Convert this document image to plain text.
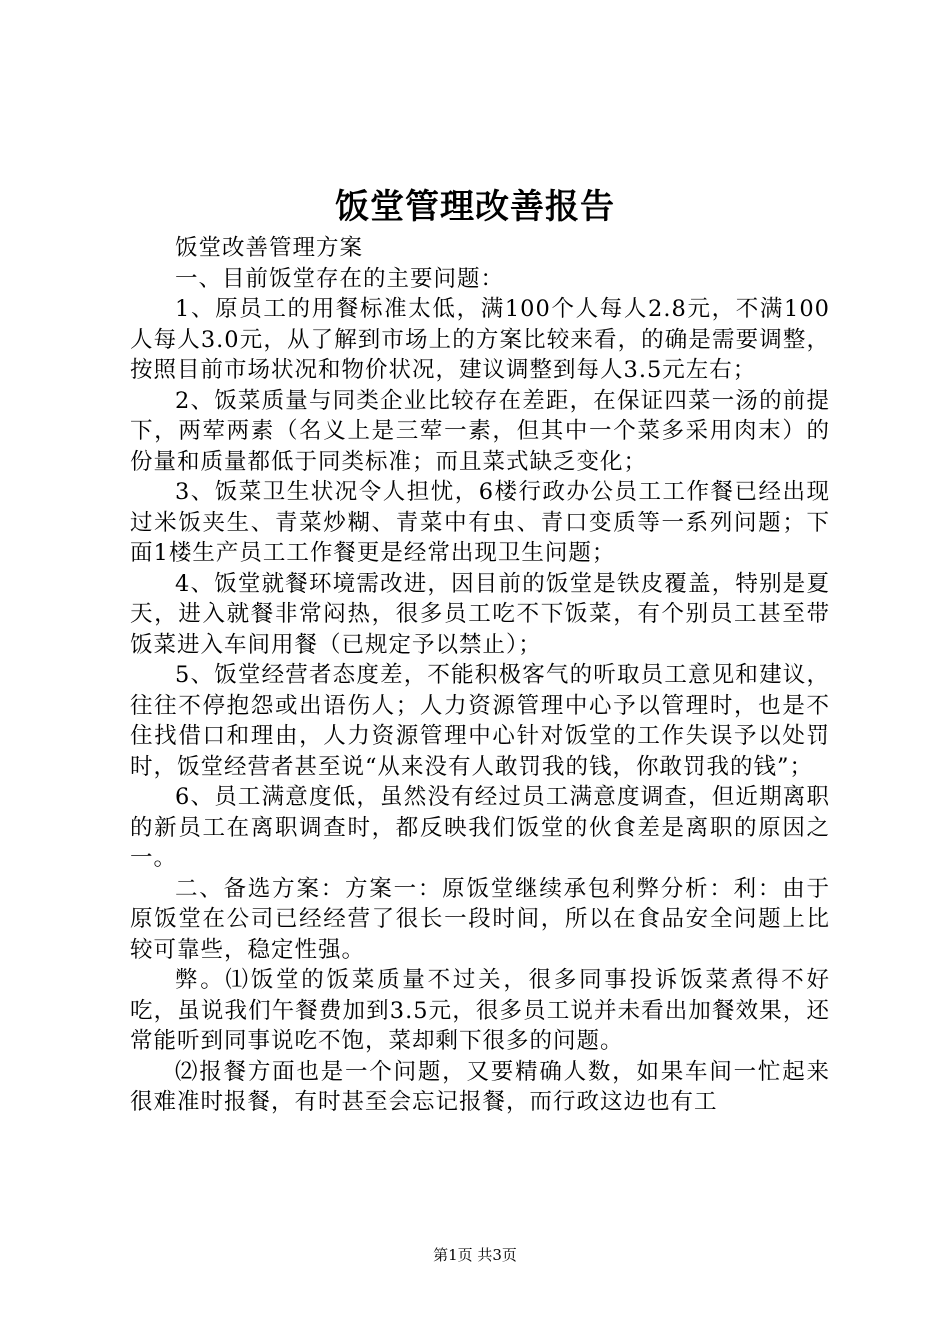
饭堂管理改善报告

饭堂改善管理方案

一、目前饭堂存在的主要问题：

1、原员工的用餐标准太低，满100个人每人2.8元，不满100人每人3.0元，从了解到市场上的方案比较来看，的确是需要调整，按照目前市场状况和物价状况，建议调整到每人3.5元左右；

2、饭菜质量与同类企业比较存在差距，在保证四菜一汤的前提下，两荤两素（名义上是三荤一素，但其中一个菜多采用肉末）的份量和质量都低于同类标准；而且菜式缺乏变化；

3、饭菜卫生状况令人担忧，6楼行政办公员工工作餐已经出现过米饭夹生、青菜炒糊、青菜中有虫、青口变质等一系列问题；下面1楼生产员工工作餐更是经常出现卫生问题；

4、饭堂就餐环境需改进，因目前的饭堂是铁皮覆盖，特别是夏天，进入就餐非常闷热，很多员工吃不下饭菜，有个别员工甚至带饭菜进入车间用餐（已规定予以禁止）；

5、饭堂经营者态度差，不能积极客气的听取员工意见和建议，往往不停抱怨或出语伤人；人力资源管理中心予以管理时，也是不住找借口和理由，人力资源管理中心针对饭堂的工作失误予以处罚时，饭堂经营者甚至说“从来没有人敢罚我的钱，你敢罚我的钱”；

6、员工满意度低，虽然没有经过员工满意度调查，但近期离职的新员工在离职调查时，都反映我们饭堂的伙食差是离职的原因之一。

二、备选方案：方案一：原饭堂继续承包利弊分析：利：由于原饭堂在公司已经经营了很长一段时间，所以在食品安全问题上比较可靠些，稳定性强。

弊。⑴饭堂的饭菜质量不过关，很多同事投诉饭菜煮得不好吃，虽说我们午餐费加到3.5元，很多员工说并未看出加餐效果，还常能听到同事说吃不饱，菜却剩下很多的问题。

⑵报餐方面也是一个问题，又要精确人数，如果车间一忙起来很难准时报餐，有时甚至会忘记报餐，而行政这边也有工

第1页 共3页
